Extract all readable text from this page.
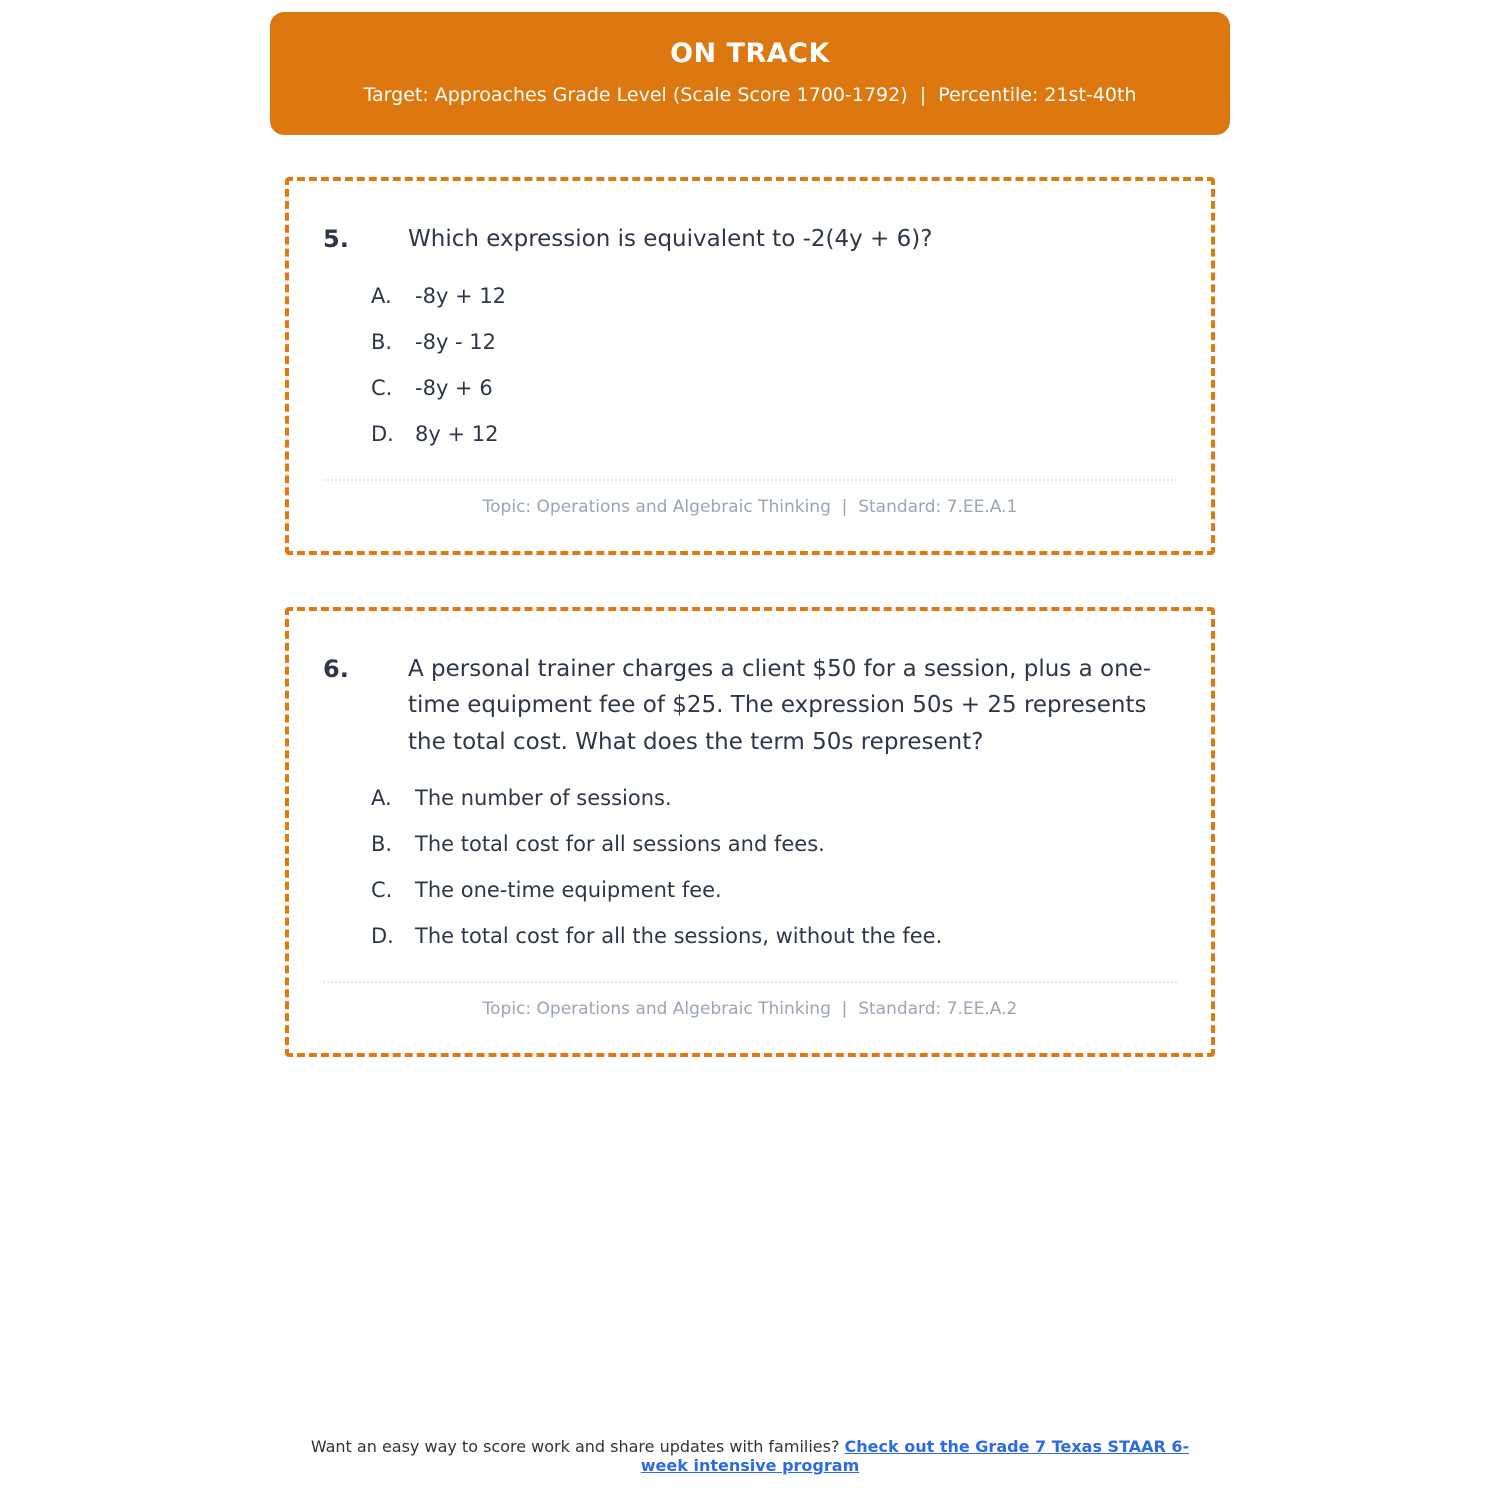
ON TRACK
Target: Approaches Grade Level (Scale Score 1700-1792)  |  Percentile: 21st-40th
5.	Which expression is equivalent to -2(4y + 6)?
A.	-8y + 12
B.	-8y - 12
C.	-8y + 6
D.	8y + 12
Topic: Operations and Algebraic Thinking  |  Standard: 7.EE.A.1
6.	A personal trainer charges a client $50 for a session, plus a one-time equipment fee of $25. The expression 50s + 25 represents the total cost. What does the term 50s represent?
A.	The number of sessions.
B.	The total cost for all sessions and fees.
C.	The one-time equipment fee.
D.	The total cost for all the sessions, without the fee.
Topic: Operations and Algebraic Thinking  |  Standard: 7.EE.A.2
Want an easy way to score work and share updates with families? Check out the Grade 7 Texas STAAR 6-week intensive program
